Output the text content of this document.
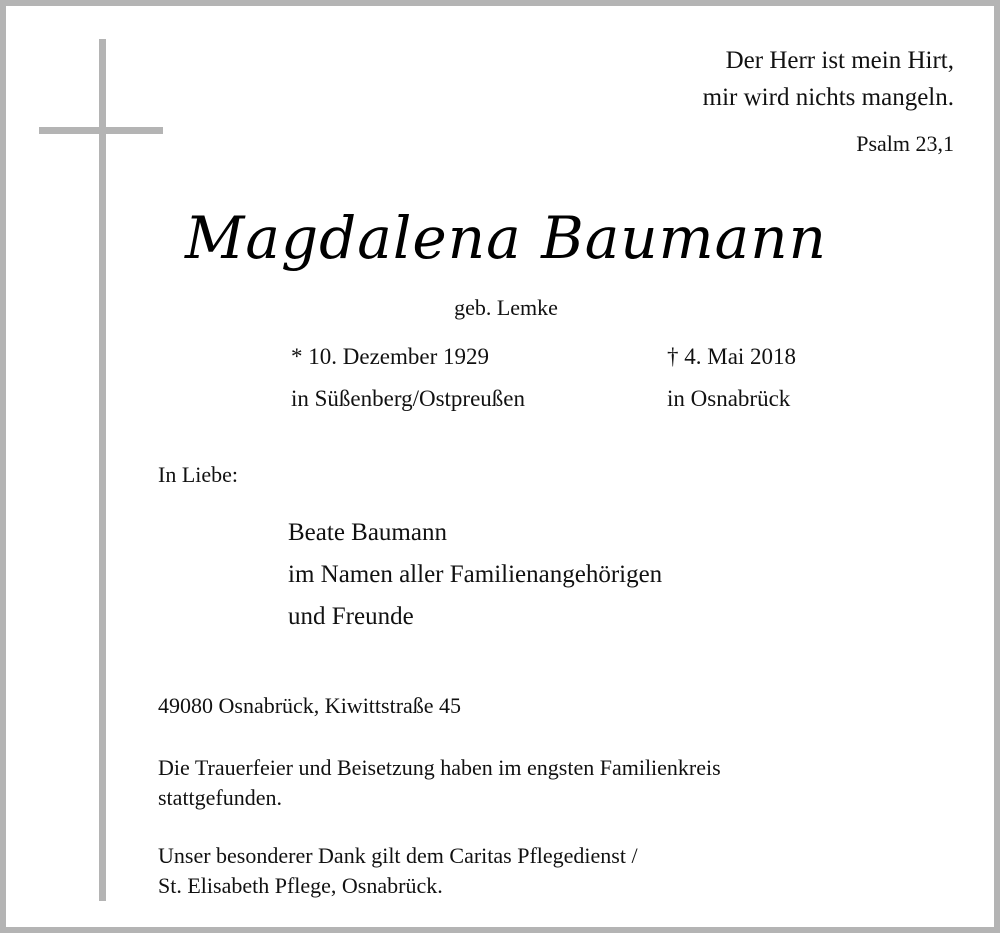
Der Herr ist mein Hirt,
mir wird nichts mangeln.
Psalm 23,1
Magdalena Baumann
geb. Lemke
* 10. Dezember 1929
in Süßenberg/Ostpreußen
† 4. Mai 2018
in Osnabrück
In Liebe:
Beate Baumann
im Namen aller Familienangehörigen
und Freunde
49080 Osnabrück, Kiwittstraße 45
Die Trauerfeier und Beisetzung haben im engsten Familienkreis
stattgefunden.
Unser besonderer Dank gilt dem Caritas Pflegedienst /
St. Elisabeth Pflege, Osnabrück.
